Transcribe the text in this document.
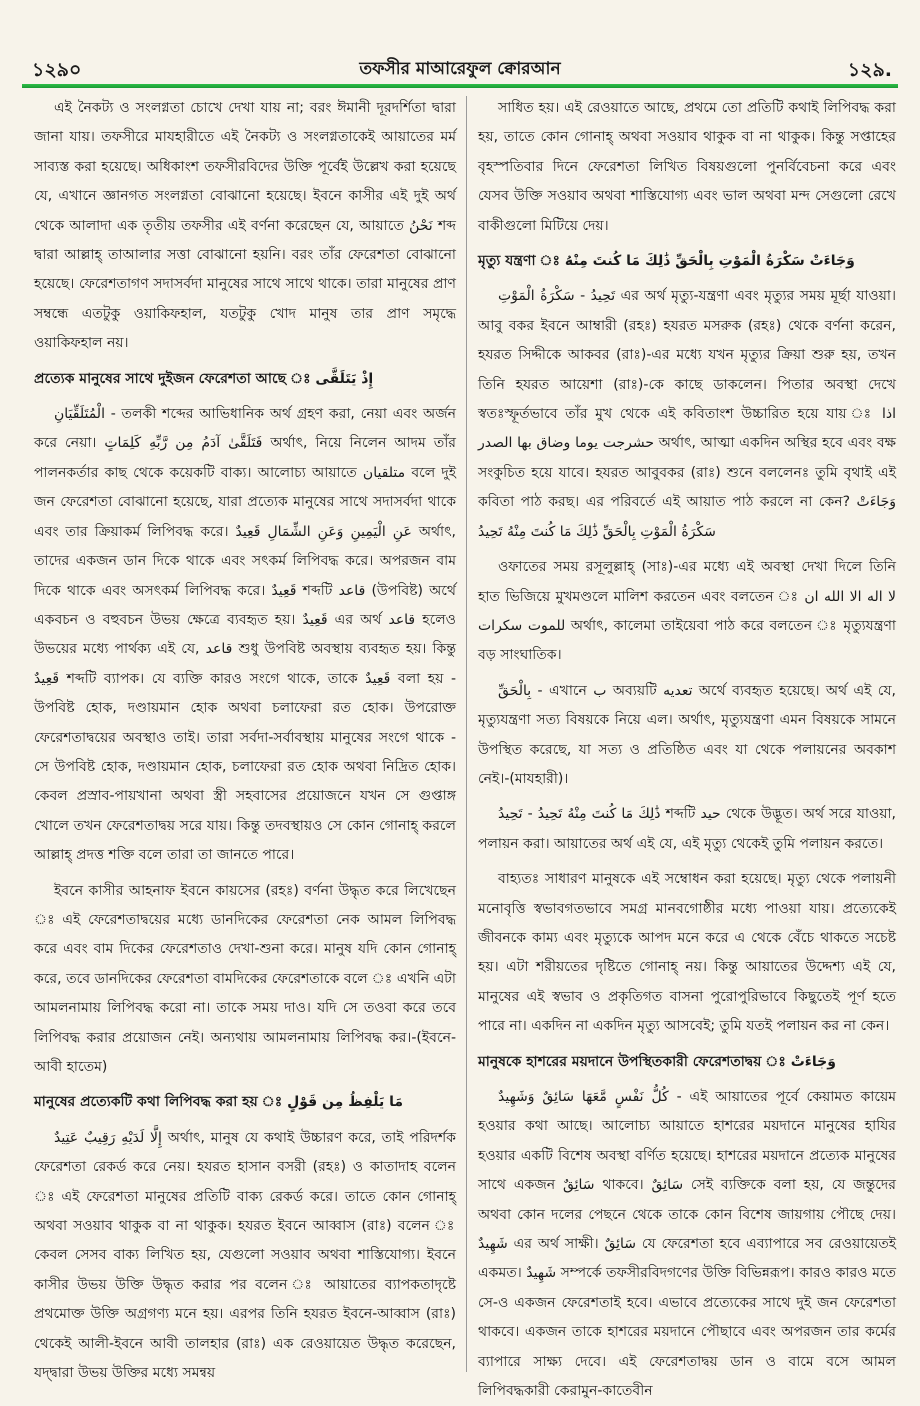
১২৯০	তফসীর মাআরেফুল ক্বোরআন	১২৯.

এই নৈকট্য ও সংলগ্নতা চোখে দেখা যায় না; বরং ঈমানী দূরদর্শিতা দ্বারা জানা যায়। তফসীরে মাযহারীতে এই নৈকট্য ও সংলগ্নতাকেই আয়াতের মর্ম সাব্যস্ত করা হয়েছে। অধিকাংশ তফসীরবিদের উক্তি পূর্বেই উল্লেখ করা হয়েছে যে, এখানে জ্ঞানগত সংলগ্নতা বোঝানো হয়েছে। ইবনে কাসীর এই দুই অর্থ থেকে আলাদা এক তৃতীয় তফসীর এই বর্ণনা করেছেন যে, আয়াতে نَحْنُ শব্দ দ্বারা আল্লাহ্ তাআলার সত্তা বোঝানো হয়নি। বরং তাঁর ফেরেশতা বোঝানো হয়েছে। ফেরেশতাগণ সদাসর্বদা মানুষের সাথে সাথে থাকে। তারা মানুষের প্রাণ সম্বন্ধে এতটুকু ওয়াকিফহাল, যতটুকু খোদ মানুষ তার প্রাণ সমৃদ্ধে ওয়াকিফহাল নয়।

প্রত্যেক মানুষের সাথে দুইজন ফেরেশতা আছে ঃ إِذْ يَتَلَقَّى

الْمُتَلَقِّيَانِ - তলকী শব্দের আভিধানিক অর্থ গ্রহণ করা, নেয়া এবং অর্জন করে নেয়া। فَتَلَقَّىٰ آدَمُ مِن رَّبِّهِ كَلِمَاتٍ অর্থাৎ, নিয়ে নিলেন আদম তাঁর পালনকর্তার কাছ থেকে কয়েকটি বাক্য। আলোচ্য আয়াতে متلقيان বলে দুই জন ফেরেশতা বোঝানো হয়েছে, যারা প্রত্যেক মানুষের সাথে সদাসর্বদা থাকে এবং তার ক্রিয়াকর্ম লিপিবদ্ধ করে। عَنِ الْيَمِينِ وَعَنِ الشِّمَالِ قَعِيدٌ অর্থাৎ, তাদের একজন ডান দিকে থাকে এবং সৎকর্ম লিপিবদ্ধ করে। অপরজন বাম দিকে থাকে এবং অসৎকর্ম লিপিবদ্ধ করে। قَعِيدٌ শব্দটি قاعد (উপবিষ্ট) অর্থে একবচন ও বহুবচন উভয় ক্ষেত্রে ব্যবহৃত হয়। قَعِيدٌ এর অর্থ قاعد হলেও উভয়ের মধ্যে পার্থক্য এই যে, قاعد শুধু উপবিষ্ট অবস্থায় ব্যবহৃত হয়। কিন্তু قَعِيدٌ শব্দটি ব্যাপক। যে ব্যক্তি কারও সংগে থাকে, তাকে قَعِيدٌ বলা হয় - উপবিষ্ট হোক, দণ্ডায়মান হোক অথবা চলাফেরা রত হোক। উপরোক্ত ফেরেশতাদ্বয়ের অবস্থাও তাই। তারা সর্বদা-সর্বাবস্থায় মানুষের সংগে থাকে - সে উপবিষ্ট হোক, দণ্ডায়মান হোক, চলাফেরা রত হোক অথবা নিদ্রিত হোক। কেবল প্রস্রাব-পায়খানা অথবা স্ত্রী সহবাসের প্রয়োজনে যখন সে গুপ্তাঙ্গ খোলে তখন ফেরেশতাদ্বয় সরে যায়। কিন্তু তদবস্থায়ও সে কোন গোনাহ্ করলে আল্লাহ্ প্রদত্ত শক্তি বলে তারা তা জানতে পারে।

ইবনে কাসীর আহনাফ ইবনে কায়সের (রহঃ) বর্ণনা উদ্ধৃত করে লিখেছেন ঃ এই ফেরেশতাদ্বয়ের মধ্যে ডানদিকের ফেরেশতা নেক আমল লিপিবদ্ধ করে এবং বাম দিকের ফেরেশতাও দেখা-শুনা করে। মানুষ যদি কোন গোনাহ্ করে, তবে ডানদিকের ফেরেশতা বামদিকের ফেরেশতাকে বলে ঃ এখনি এটা আমলনামায় লিপিবদ্ধ করো না। তাকে সময় দাও। যদি সে তওবা করে তবে লিপিবদ্ধ করার প্রয়োজন নেই। অন্যথায় আমলনামায় লিপিবদ্ধ কর।-(ইবনে-আবী হাতেম)

মানুষের প্রত্যেকটি কথা লিপিবদ্ধ করা হয় ঃ مَا يَلْفِظُ مِن قَوْلٍ

إِلَّا لَدَيْهِ رَقِيبٌ عَتِيدٌ অর্থাৎ, মানুষ যে কথাই উচ্চারণ করে, তাই পরিদর্শক ফেরেশতা রেকর্ড করে নেয়। হযরত হাসান বসরী (রহঃ) ও কাতাদাহ বলেন ঃ এই ফেরেশতা মানুষের প্রতিটি বাক্য রেকর্ড করে। তাতে কোন গোনাহ্ অথবা সওয়াব থাকুক বা না থাকুক। হযরত ইবনে আব্বাস (রাঃ) বলেন ঃ কেবল সেসব বাক্য লিখিত হয়, যেগুলো সওয়াব অথবা শাস্তিযোগ্য। ইবনে কাসীর উভয় উক্তি উদ্ধৃত করার পর বলেন ঃ আয়াতের ব্যাপকতাদৃষ্টে প্রথমোক্ত উক্তি অগ্রগণ্য মনে হয়। এরপর তিনি হযরত ইবনে-আব্বাস (রাঃ) থেকেই আলী-ইবনে আবী তালহার (রাঃ) এক রেওয়ায়েত উদ্ধৃত করেছেন, যদ্দ্বারা উভয় উক্তির মধ্যে সমন্বয়

সাধিত হয়। এই রেওয়াতে আছে, প্রথমে তো প্রতিটি কথাই লিপিবদ্ধ করা হয়, তাতে কোন গোনাহ্ অথবা সওয়াব থাকুক বা না থাকুক। কিন্তু সপ্তাহের বৃহস্পতিবার দিনে ফেরেশতা লিখিত বিষয়গুলো পুনর্বিবেচনা করে এবং যেসব উক্তি সওয়াব অথবা শাস্তিযোগ্য এবং ভাল অথবা মন্দ সেগুলো রেখে বাকীগুলো মিটিয়ে দেয়।

মৃত্যু যন্ত্রণা ঃ وَجَاءَتْ سَكْرَةُ الْمَوْتِ بِالْحَقِّ ذَٰلِكَ مَا كُنتَ مِنْهُ

تَحِيدُ - سَكْرَةُ الْمَوْتِ এর অর্থ মৃত্যু-যন্ত্রণা এবং মৃত্যুর সময় মূর্ছা যাওয়া। আবু বকর ইবনে আম্বারী (রহঃ) হযরত মসরুক (রহঃ) থেকে বর্ণনা করেন, হযরত সিদ্দীকে আকবর (রাঃ)-এর মধ্যে যখন মৃত্যুর ক্রিয়া শুরু হয়, তখন তিনি হযরত আয়েশা (রাঃ)-কে কাছে ডাকলেন। পিতার অবস্থা দেখে স্বতঃস্ফূর্তভাবে তাঁর মুখ থেকে এই কবিতাংশ উচ্চারিত হয়ে যায় ঃ اذا حشرجت يوما وضاق بها الصدر অর্থাৎ, আত্মা একদিন অস্থির হবে এবং বক্ষ সংকুচিত হয়ে যাবে। হযরত আবুবকর (রাঃ) শুনে বললেনঃ তুমি বৃথাই এই কবিতা পাঠ করছ। এর পরিবর্তে এই আয়াত পাঠ করলে না কেন? وَجَاءَتْ سَكْرَةُ الْمَوْتِ بِالْحَقِّ ذَٰلِكَ مَا كُنتَ مِنْهُ تَحِيدُ

ওফাতের সময় রসূলুল্লাহ্ (সাঃ)-এর মধ্যে এই অবস্থা দেখা দিলে তিনি হাত ভিজিয়ে মুখমণ্ডলে মালিশ করতেন এবং বলতেন ঃ لا اله الا الله ان للموت سكرات অর্থাৎ, কালেমা তাইয়েবা পাঠ করে বলতেন ঃ মৃত্যুযন্ত্রণা বড় সাংঘাতিক।

بِالْحَقِّ - এখানে ب অব্যয়টি تعديه অর্থে ব্যবহৃত হয়েছে। অর্থ এই যে, মৃত্যুযন্ত্রণা সত্য বিষয়কে নিয়ে এল। অর্থাৎ, মৃত্যুযন্ত্রণা এমন বিষয়কে সামনে উপস্থিত করেছে, যা সত্য ও প্রতিষ্ঠিত এবং যা থেকে পলায়নের অবকাশ নেই।-(মাযহারী)।

ذَٰلِكَ مَا كُنتَ مِنْهُ تَحِيدُ - تَحِيدُ শব্দটি حيد থেকে উদ্ভূত। অর্থ সরে যাওয়া, পলায়ন করা। আয়াতের অর্থ এই যে, এই মৃত্যু থেকেই তুমি পলায়ন করতে।

বাহ্যতঃ সাধারণ মানুষকে এই সম্বোধন করা হয়েছে। মৃত্যু থেকে পলায়নী মনোবৃত্তি স্বভাবগতভাবে সমগ্র মানবগোষ্ঠীর মধ্যে পাওয়া যায়। প্রত্যেকেই জীবনকে কাম্য এবং মৃত্যুকে আপদ মনে করে এ থেকে বেঁচে থাকতে সচেষ্ট হয়। এটা শরীয়তের দৃষ্টিতে গোনাহ্ নয়। কিন্তু আয়াতের উদ্দেশ্য এই যে, মানুষের এই স্বভাব ও প্রকৃতিগত বাসনা পুরোপুরিভাবে কিছুতেই পূর্ণ হতে পারে না। একদিন না একদিন মৃত্যু আসবেই; তুমি যতই পলায়ন কর না কেন।

মানুষকে হাশরের ময়দানে উপস্থিতকারী ফেরেশতাদ্বয় ঃ وَجَاءَتْ

كُلُّ نَفْسٍ مَّعَهَا سَائِقٌ وَشَهِيدٌ - এই আয়াতের পূর্বে কেয়ামত কায়েম হওয়ার কথা আছে। আলোচ্য আয়াতে হাশরের ময়দানে মানুষের হাযির হওয়ার একটি বিশেষ অবস্থা বর্ণিত হয়েছে। হাশরের ময়দানে প্রত্যেক মানুষের সাথে একজন سَائِقٌ থাকবে। سَائِقٌ সেই ব্যক্তিকে বলা হয়, যে জন্তুদের অথবা কোন দলের পেছনে থেকে তাকে কোন বিশেষ জায়গায় পৌছে দেয়। شَهِيدٌ এর অর্থ সাক্ষী। سَائِقٌ যে ফেরেশতা হবে এব্যাপারে সব রেওয়ায়েতই একমত। شَهِيدٌ সম্পর্কে তফসীরবিদগণের উক্তি বিভিন্নরূপ। কারও কারও মতে সে-ও একজন ফেরেশতাই হবে। এভাবে প্রত্যেকের সাথে দুই জন ফেরেশতা থাকবে। একজন তাকে হাশরের ময়দানে পৌছাবে এবং অপরজন তার কর্মের ব্যাপারে সাক্ষ্য দেবে। এই ফেরেশতাদ্বয় ডান ও বামে বসে আমল লিপিবদ্ধকারী কেরামুন-কাতেবীন
